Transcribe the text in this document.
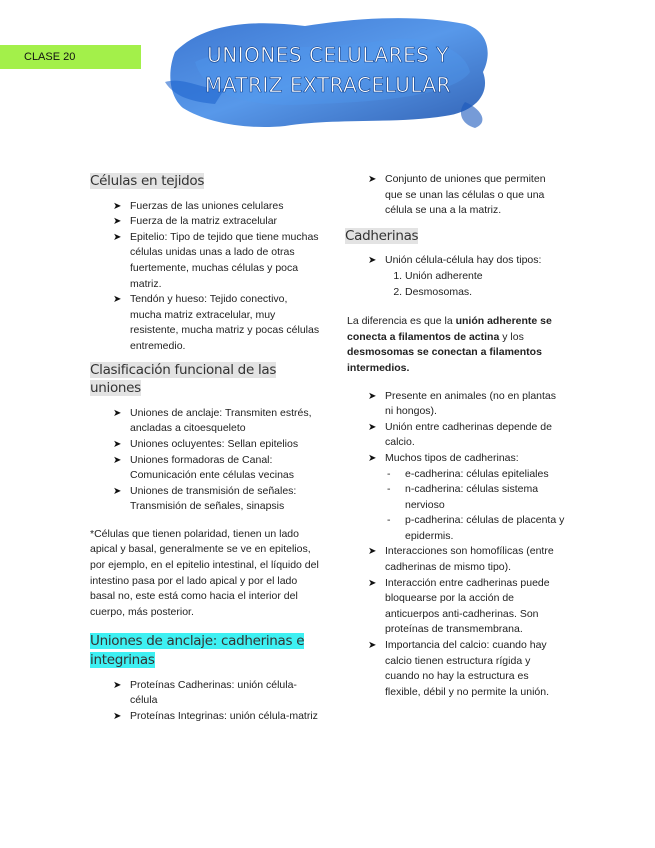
CLASE 20	UNIONES CELULARES Y
MATRIZ EXTRACELULAR
Células en tejidos
➤ Fuerzas de las uniones celulares
➤ Fuerza de la matriz extracelular
➤ Epitelio: Tipo de tejido que tiene muchas células unidas unas a lado de otras fuertemente, muchas células y poca matriz.
➤ Tendón y hueso: Tejido conectivo, mucha matriz extracelular, muy resistente, mucha matriz y pocas células entremedio.
Clasificación funcional de las uniones
➤ Uniones de anclaje: Transmiten estrés, ancladas a citoesqueleto
➤ Uniones ocluyentes: Sellan epitelios
➤ Uniones formadoras de Canal: Comunicación ente células vecinas
➤ Uniones de transmisión de señales: Transmisión de señales, sinapsis

*Células que tienen polaridad, tienen un lado apical y basal, generalmente se ve en epitelios, por ejemplo, en el epitelio intestinal, el líquido del intestino pasa por el lado apical y por el lado basal no, este está como hacia el interior del cuerpo, más posterior.

Uniones de anclaje: cadherinas e integrinas
➤ Proteínas Cadherinas: unión célula-célula
➤ Proteínas Integrinas: unión célula-matriz
➤ Conjunto de uniones que permiten que se unan las células o que una célula se una a la matriz.
Cadherinas
➤ Unión célula-célula hay dos tipos:
1. Unión adherente
2. Desmosomas.

La diferencia es que la unión adherente se conecta a filamentos de actina y los desmosomas se conectan a filamentos intermedios.

➤ Presente en animales (no en plantas ni hongos).
➤ Unión entre cadherinas depende de calcio.
➤ Muchos tipos de cadherinas:
- e-cadherina: células epiteliales
- n-cadherina: células sistema nervioso
- p-cadherina: células de placenta y epidermis.
➤ Interacciones son homofílicas (entre cadherinas de mismo tipo).
➤ Interacción entre cadherinas puede bloquearse por la acción de anticuerpos anti-cadherinas. Son proteínas de transmembrana.
➤ Importancia del calcio: cuando hay calcio tienen estructura rígida y cuando no hay la estructura es flexible, débil y no permite la unión.
